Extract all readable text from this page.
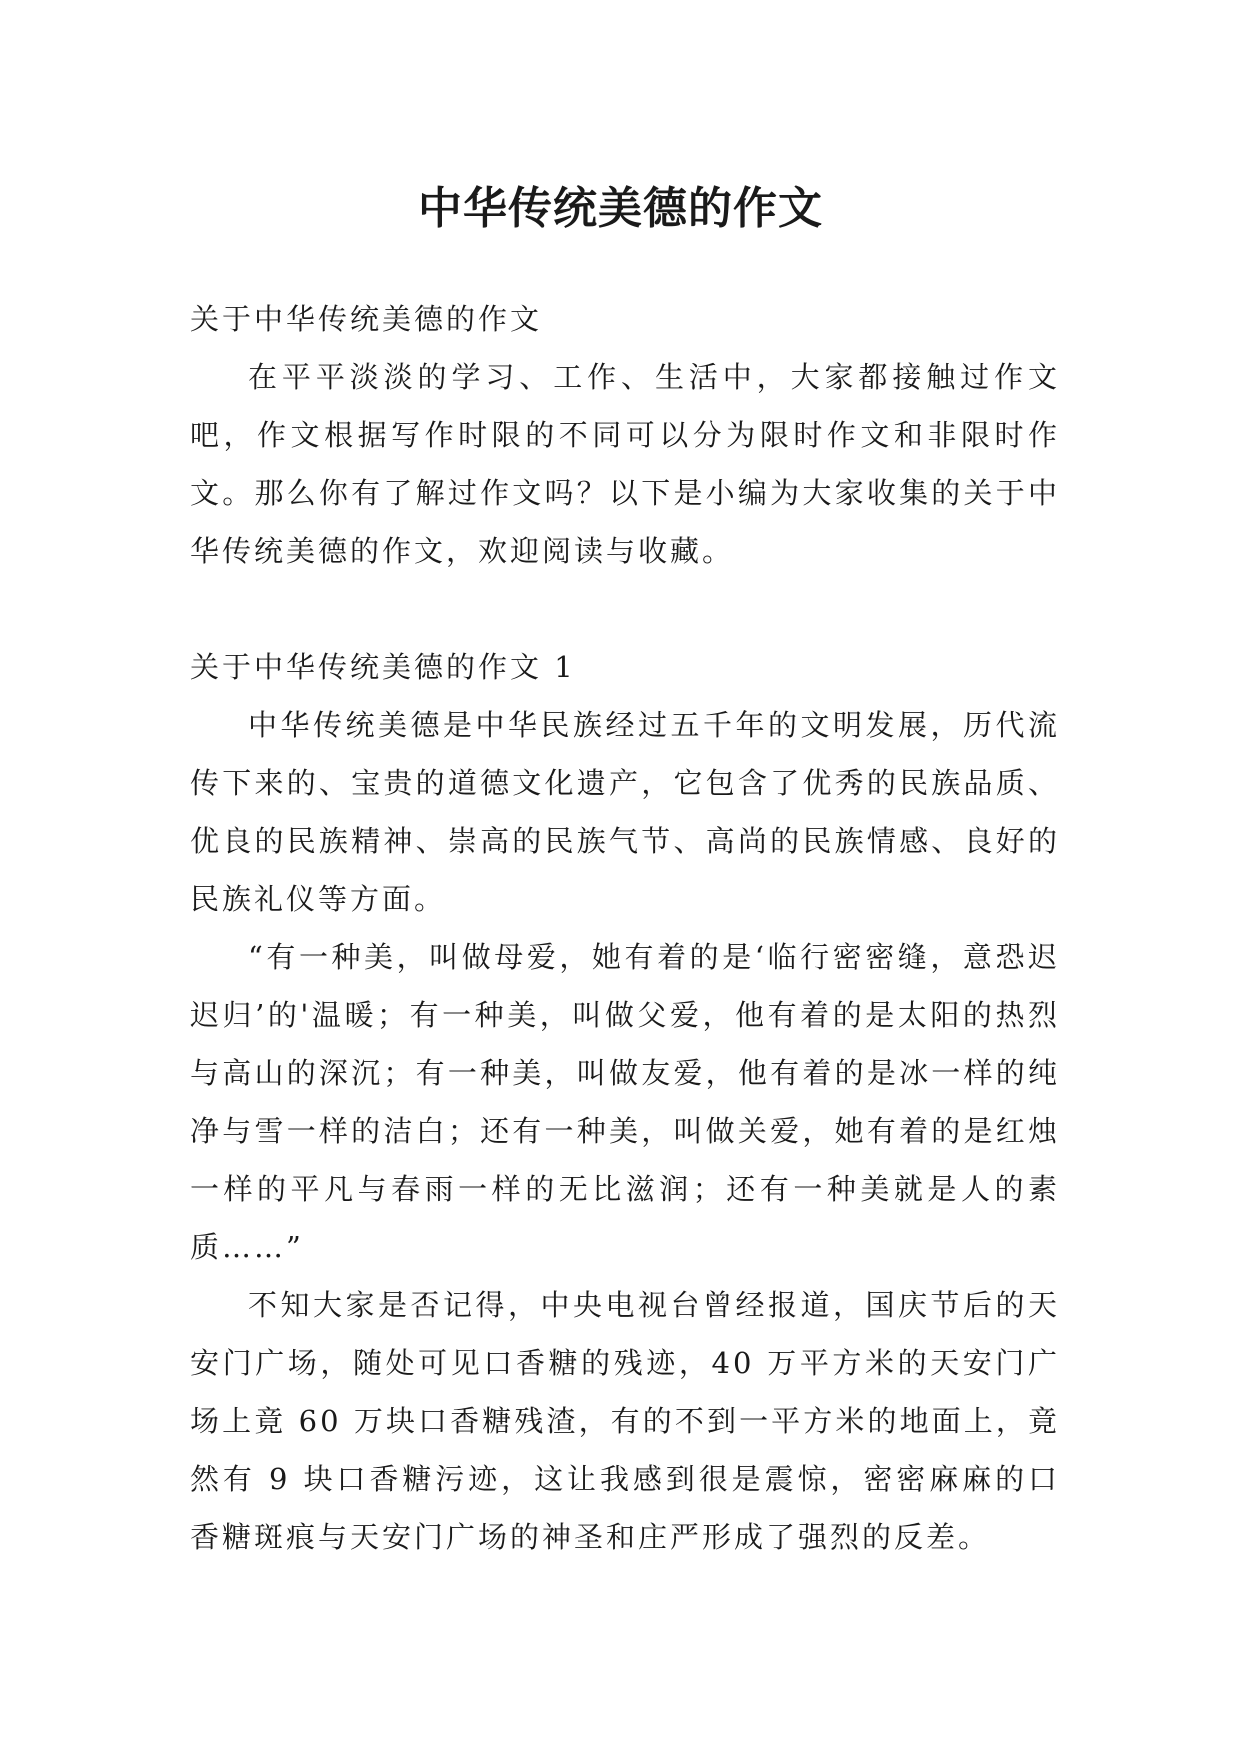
中华传统美德的作文

关于中华传统美德的作文

在平平淡淡的学习、工作、生活中，大家都接触过作文吧，作文根据写作时限的不同可以分为限时作文和非限时作文。那么你有了解过作文吗？以下是小编为大家收集的关于中华传统美德的作文，欢迎阅读与收藏。

关于中华传统美德的作文 1

中华传统美德是中华民族经过五千年的文明发展，历代流传下来的、宝贵的道德文化遗产，它包含了优秀的民族品质、优良的民族精神、崇高的民族气节、高尚的民族情感、良好的民族礼仪等方面。

“有一种美，叫做母爱，她有着的是‘临行密密缝，意恐迟迟归’的'温暖；有一种美，叫做父爱，他有着的是太阳的热烈与高山的深沉；有一种美，叫做友爱，他有着的是冰一样的纯净与雪一样的洁白；还有一种美，叫做关爱，她有着的是红烛一样的平凡与春雨一样的无比滋润；还有一种美就是人的素质……”

不知大家是否记得，中央电视台曾经报道，国庆节后的天安门广场，随处可见口香糖的残迹，40 万平方米的天安门广场上竟 60 万块口香糖残渣，有的不到一平方米的地面上，竟然有 9 块口香糖污迹，这让我感到很是震惊，密密麻麻的口香糖斑痕与天安门广场的神圣和庄严形成了强烈的反差。
